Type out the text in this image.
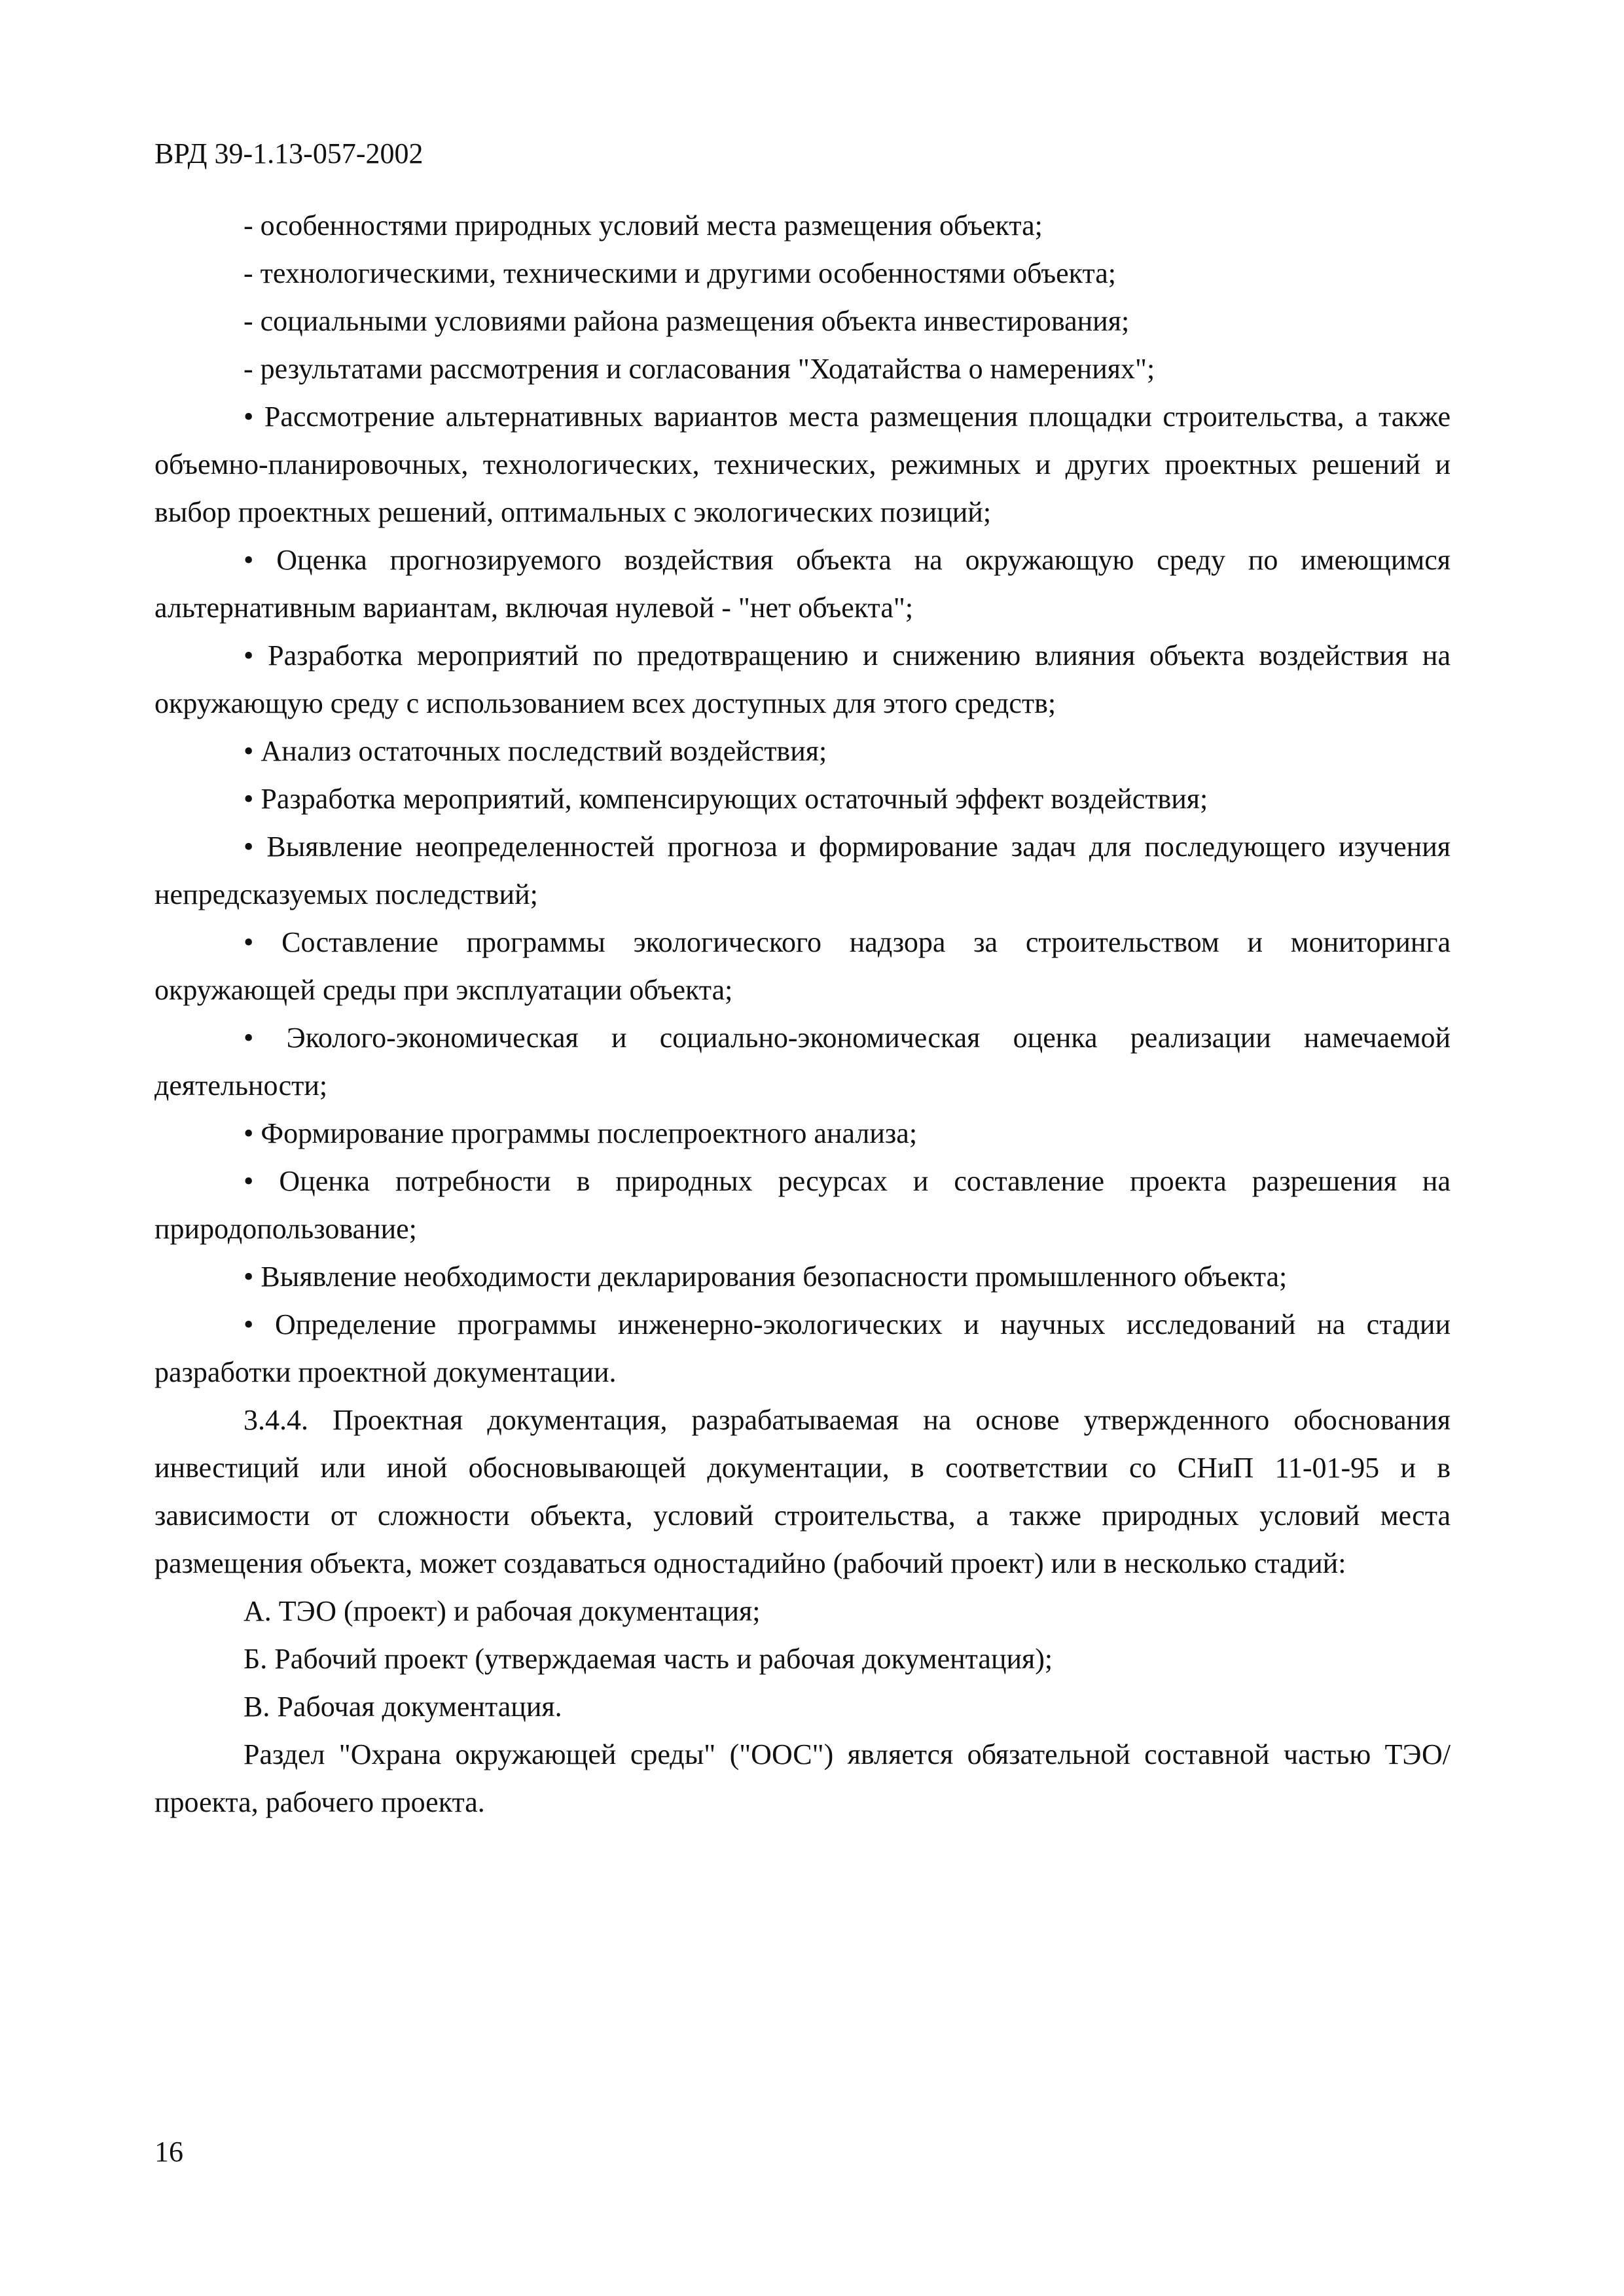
ВРД 39-1.13-057-2002

- особенностями природных условий места размещения объекта;

- технологическими, техническими и другими особенностями объекта;

- социальными условиями района размещения объекта инвестирования;

- результатами рассмотрения и согласования "Ходатайства о намерениях";

• Рассмотрение альтернативных вариантов места размещения площадки строительства, а также объемно-планировочных, технологических, технических, режимных и других проектных решений и выбор проектных решений, оптимальных с экологических позиций;

• Оценка прогнозируемого воздействия объекта на окружающую среду по имеющимся альтернативным вариантам, включая нулевой - "нет объекта";

• Разработка мероприятий по предотвращению и снижению влияния объекта воздействия на окружающую среду с использованием всех доступных для этого средств;

• Анализ остаточных последствий воздействия;

• Разработка мероприятий, компенсирующих остаточный эффект воздействия;

• Выявление неопределенностей прогноза и формирование задач для последующего изучения непредсказуемых последствий;

• Составление программы экологического надзора за строительством и мониторинга окружающей среды при эксплуатации объекта;

• Эколого-экономическая и социально-экономическая оценка реализации намечаемой деятельности;

• Формирование программы послепроектного анализа;

• Оценка потребности в природных ресурсах и составление проекта разрешения на природопользование;

• Выявление необходимости декларирования безопасности промышленного объекта;

• Определение программы инженерно-экологических и научных исследований на стадии разработки проектной документации.

3.4.4. Проектная документация, разрабатываемая на основе утвержденного обоснования инвестиций или иной обосновывающей документации, в соответствии со СНиП 11-01-95 и в зависимости от сложности объекта, условий строительства, а также природных условий места размещения объекта, может создаваться одностадийно (рабочий проект) или в несколько стадий:

А. ТЭО (проект) и рабочая документация;

Б. Рабочий проект (утверждаемая часть и рабочая документация);

В. Рабочая документация.

Раздел "Охрана окружающей среды" ("ООС") является обязательной составной частью ТЭО/проекта, рабочего проекта.

16
